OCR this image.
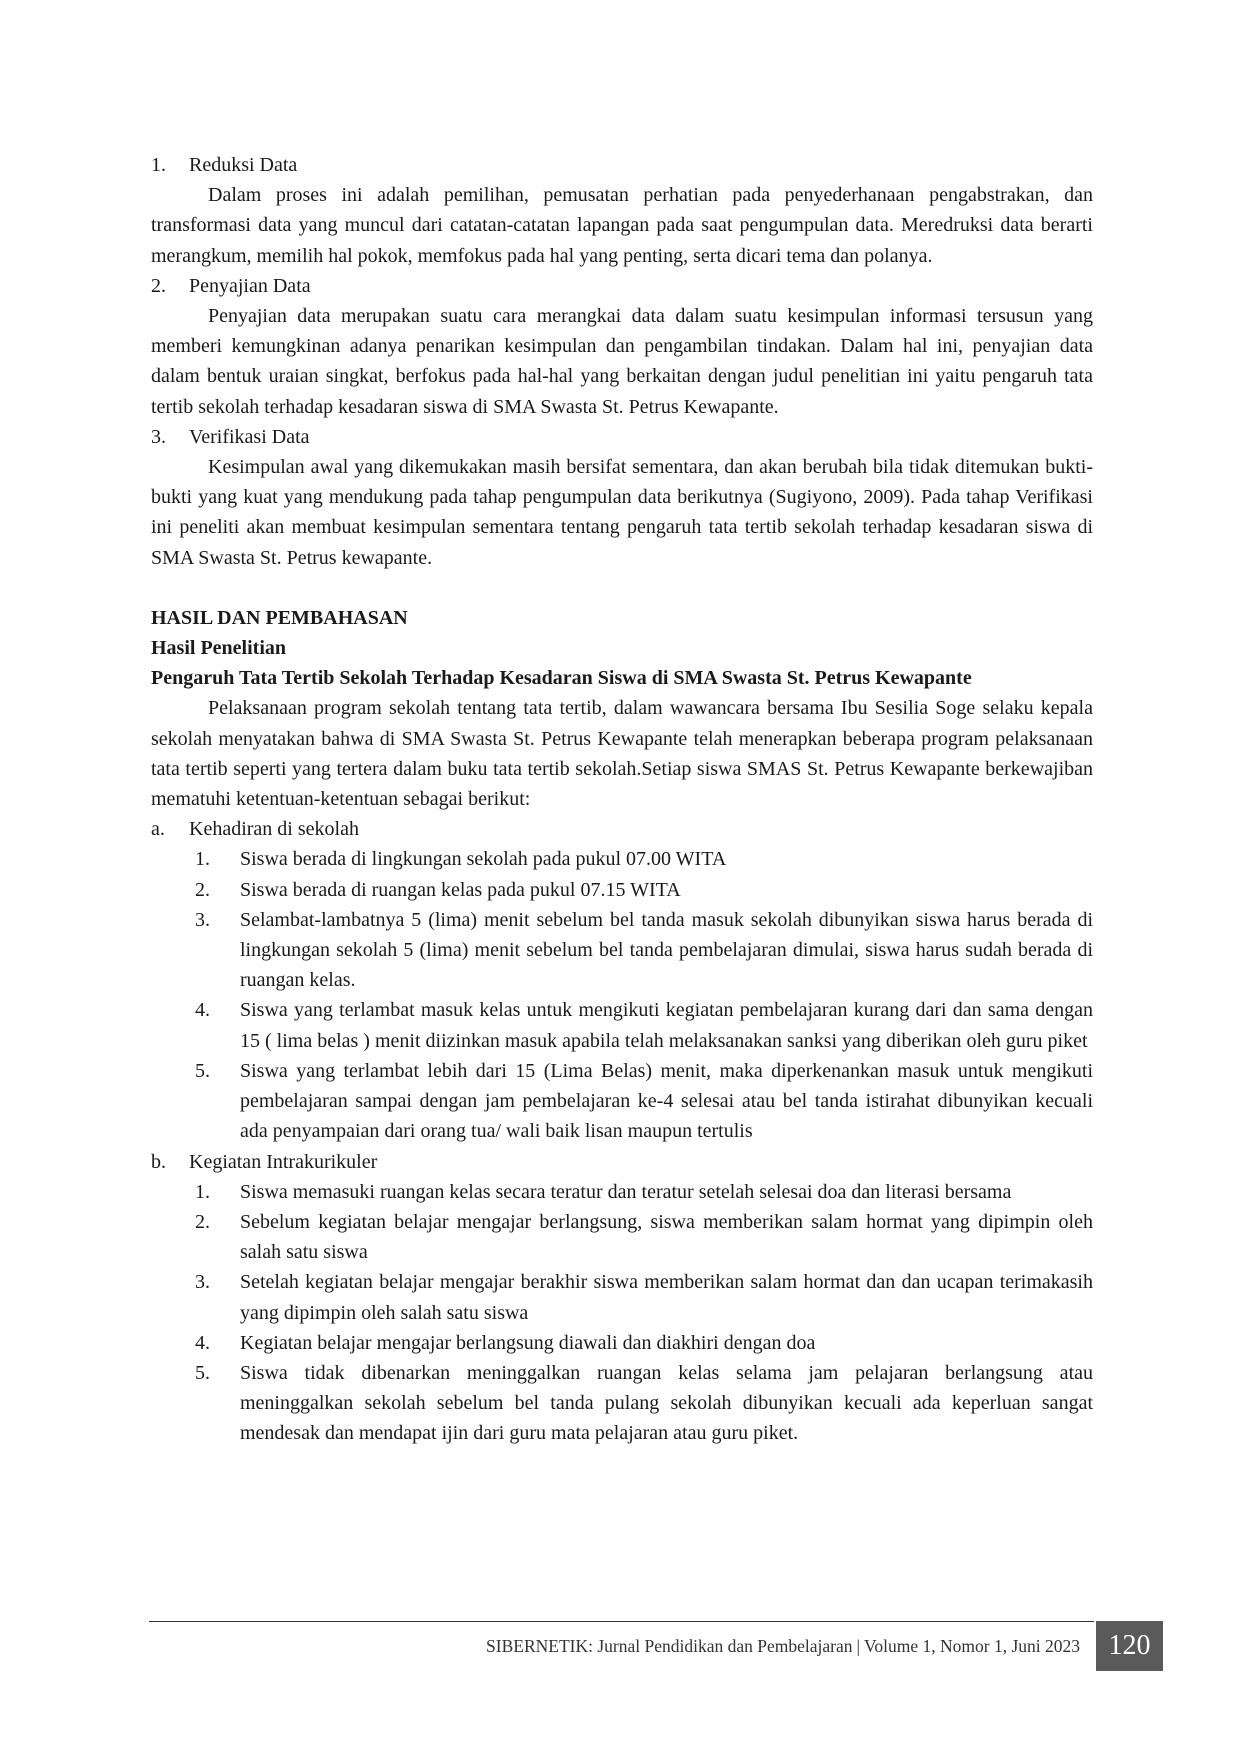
1. Reduksi Data

Dalam proses ini adalah pemilihan, pemusatan perhatian pada penyederhanaan pengabstrakan, dan transformasi data yang muncul dari catatan-catatan lapangan pada saat pengumpulan data. Meredruksi data berarti merangkum, memilih hal pokok, memfokus pada hal yang penting, serta dicari tema dan polanya.

2. Penyajian Data

Penyajian data merupakan suatu cara merangkai data dalam suatu kesimpulan informasi tersusun yang memberi kemungkinan adanya penarikan kesimpulan dan pengambilan tindakan. Dalam hal ini, penyajian data dalam bentuk uraian singkat, berfokus pada hal-hal yang berkaitan dengan judul penelitian ini yaitu pengaruh tata tertib sekolah terhadap kesadaran siswa di SMA Swasta St. Petrus Kewapante.

3. Verifikasi Data

Kesimpulan awal yang dikemukakan masih bersifat sementara, dan akan berubah bila tidak ditemukan bukti-bukti yang kuat yang mendukung pada tahap pengumpulan data berikutnya (Sugiyono, 2009). Pada tahap Verifikasi ini peneliti akan membuat kesimpulan sementara tentang pengaruh tata tertib sekolah terhadap kesadaran siswa di SMA Swasta St. Petrus kewapante.

HASIL DAN PEMBAHASAN

Hasil Penelitian

Pengaruh Tata Tertib Sekolah Terhadap Kesadaran Siswa di SMA Swasta St. Petrus Kewapante

Pelaksanaan program sekolah tentang tata tertib, dalam wawancara bersama Ibu Sesilia Soge selaku kepala sekolah menyatakan bahwa di SMA Swasta St. Petrus Kewapante telah menerapkan beberapa program pelaksanaan tata tertib seperti yang tertera dalam buku tata tertib sekolah.Setiap siswa SMAS St. Petrus Kewapante berkewajiban mematuhi ketentuan-ketentuan sebagai berikut:

a. Kehadiran di sekolah
1. Siswa berada di lingkungan sekolah pada pukul 07.00 WITA
2. Siswa berada di ruangan kelas pada pukul 07.15 WITA
3. Selambat-lambatnya 5 (lima) menit sebelum bel tanda masuk sekolah dibunyikan siswa harus berada di lingkungan sekolah 5 (lima) menit sebelum bel tanda pembelajaran dimulai, siswa harus sudah berada di ruangan kelas.
4. Siswa yang terlambat masuk kelas untuk mengikuti kegiatan pembelajaran kurang dari dan sama dengan 15 ( lima belas ) menit diizinkan masuk apabila telah melaksanakan sanksi yang diberikan oleh guru piket
5. Siswa yang terlambat lebih dari 15 (Lima Belas) menit, maka diperkenankan masuk untuk mengikuti pembelajaran sampai dengan jam pembelajaran ke-4 selesai atau bel tanda istirahat dibunyikan kecuali ada penyampaian dari orang tua/ wali baik lisan maupun tertulis
b. Kegiatan Intrakurikuler
1. Siswa memasuki ruangan kelas secara teratur dan teratur setelah selesai doa dan literasi bersama
2. Sebelum kegiatan belajar mengajar berlangsung, siswa memberikan salam hormat yang dipimpin oleh salah satu siswa
3. Setelah kegiatan belajar mengajar berakhir siswa memberikan salam hormat dan dan ucapan terimakasih yang dipimpin oleh salah satu siswa
4. Kegiatan belajar mengajar berlangsung diawali dan diakhiri dengan doa
5. Siswa tidak dibenarkan meninggalkan ruangan kelas selama jam pelajaran berlangsung atau meninggalkan sekolah sebelum bel tanda pulang sekolah dibunyikan kecuali ada keperluan sangat mendesak dan mendapat ijin dari guru mata pelajaran atau guru piket.
SIBERNETIK: Jurnal Pendidikan dan Pembelajaran | Volume 1, Nomor 1, Juni 2023	120
